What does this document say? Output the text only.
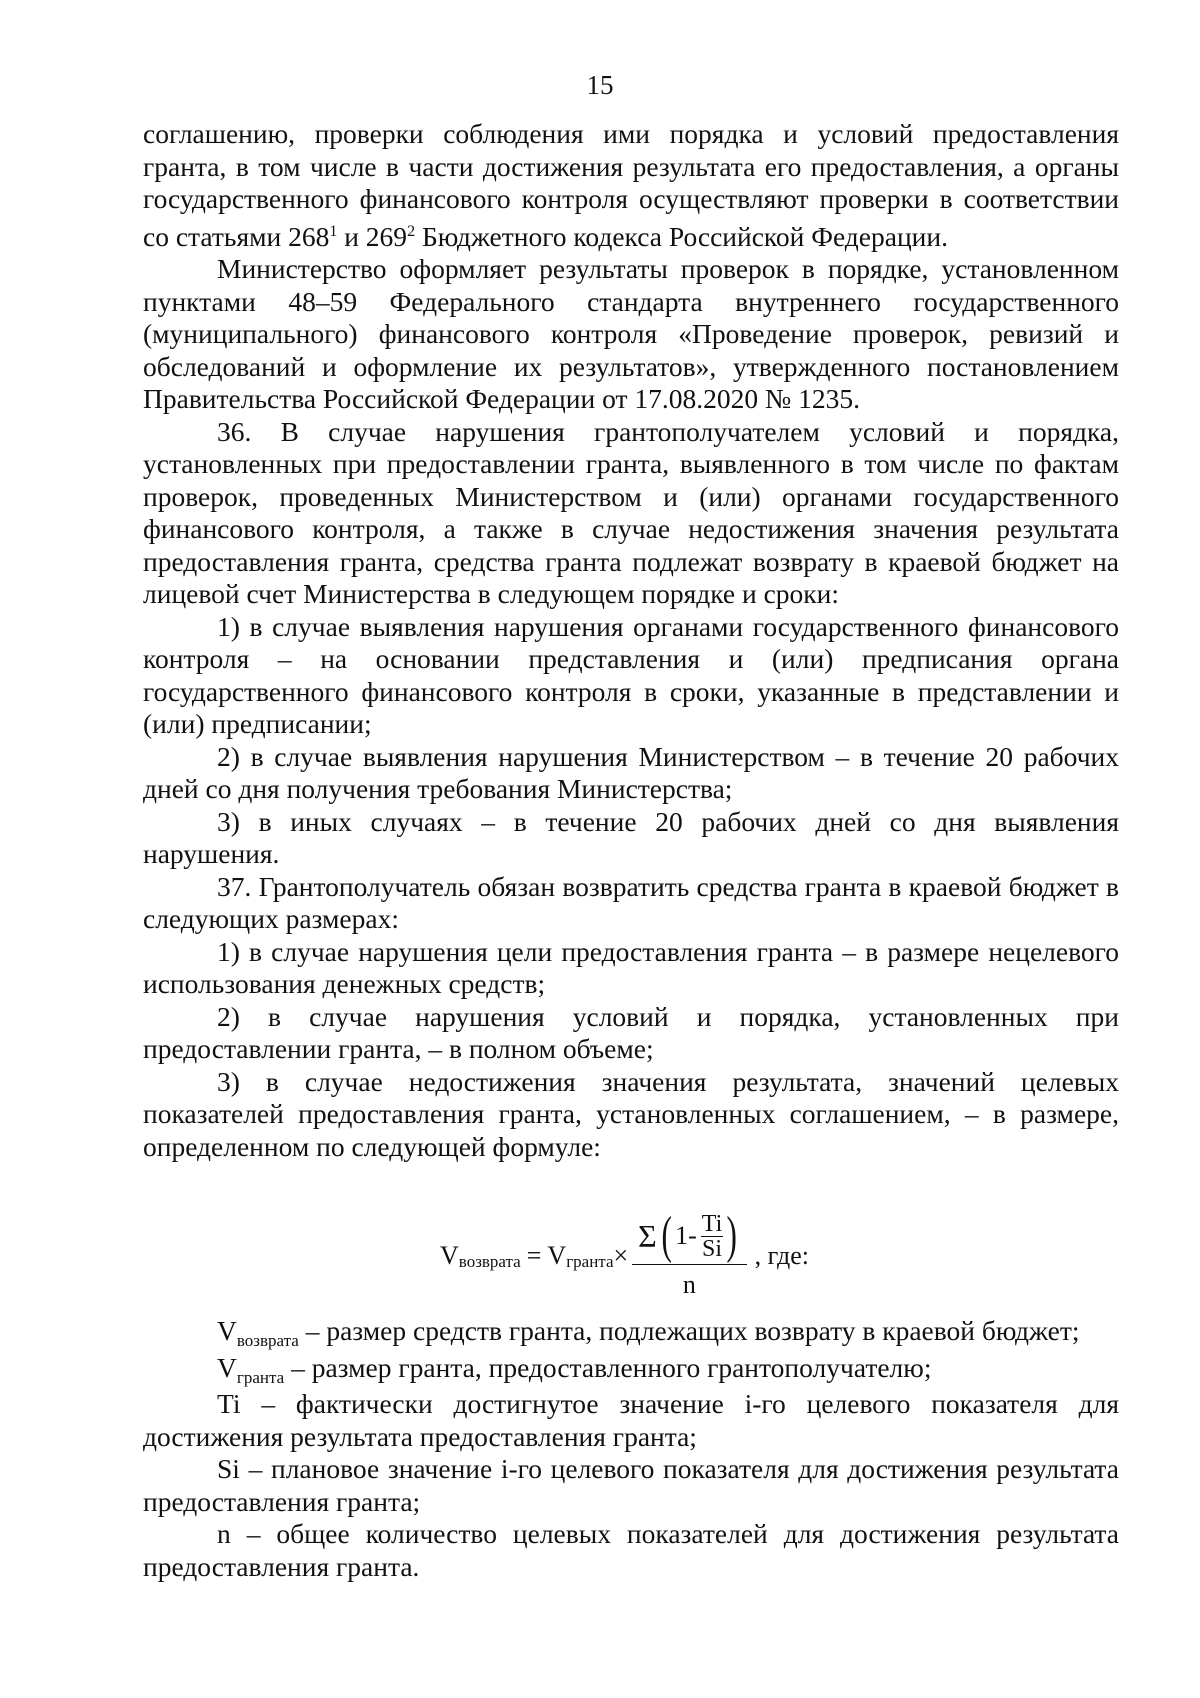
15

соглашению, проверки соблюдения ими порядка и условий предоставления гранта, в том числе в части достижения результата его предоставления, а органы государственного финансового контроля осуществляют проверки в соответствии со статьями $268^1$ и $269^2$ Бюджетного кодекса Российской Федерации.

Министерство оформляет результаты проверок в порядке, установленном пунктами 48–59 Федерального стандарта внутреннего государственного (муниципального) финансового контроля «Проведение проверок, ревизий и обследований и оформление их результатов», утвержденного постановлением Правительства Российской Федерации от 17.08.2020 № 1235.

36. В случае нарушения грантополучателем условий и порядка, установленных при предоставлении гранта, выявленного в том числе по фактам проверок, проведенных Министерством и (или) органами государственного финансового контроля, а также в случае недостижения значения результата предоставления гранта, средства гранта подлежат возврату в краевой бюджет на лицевой счет Министерства в следующем порядке и сроки:

1) в случае выявления нарушения органами государственного финансового контроля – на основании представления и (или) предписания органа государственного финансового контроля в сроки, указанные в представлении и (или) предписании;

2) в случае выявления нарушения Министерством – в течение 20 рабочих дней со дня получения требования Министерства;

3) в иных случаях – в течение 20 рабочих дней со дня выявления нарушения.

37. Грантополучатель обязан возвратить средства гранта в краевой бюджет в следующих размерах:

1) в случае нарушения цели предоставления гранта – в размере нецелевого использования денежных средств;

2) в случае нарушения условий и порядка, установленных при предоставлении гранта, – в полном объеме;

3) в случае недостижения значения результата, значений целевых показателей предоставления гранта, установленных соглашением, – в размере, определенном по следующей формуле:

V возврата = V гранта ×
Σ ( $1- \frac{Ti}{Si}$ )
n
, где:

$V_{возврата}$ – размер средств гранта, подлежащих возврату в краевой бюджет;

$V_{гранта}$ – размер гранта, предоставленного грантополучателю;

Ti – фактически достигнутое значение i-го целевого показателя для достижения результата предоставления гранта;

Si – плановое значение i-го целевого показателя для достижения результата предоставления гранта;

n – общее количество целевых показателей для достижения результата предоставления гранта.
